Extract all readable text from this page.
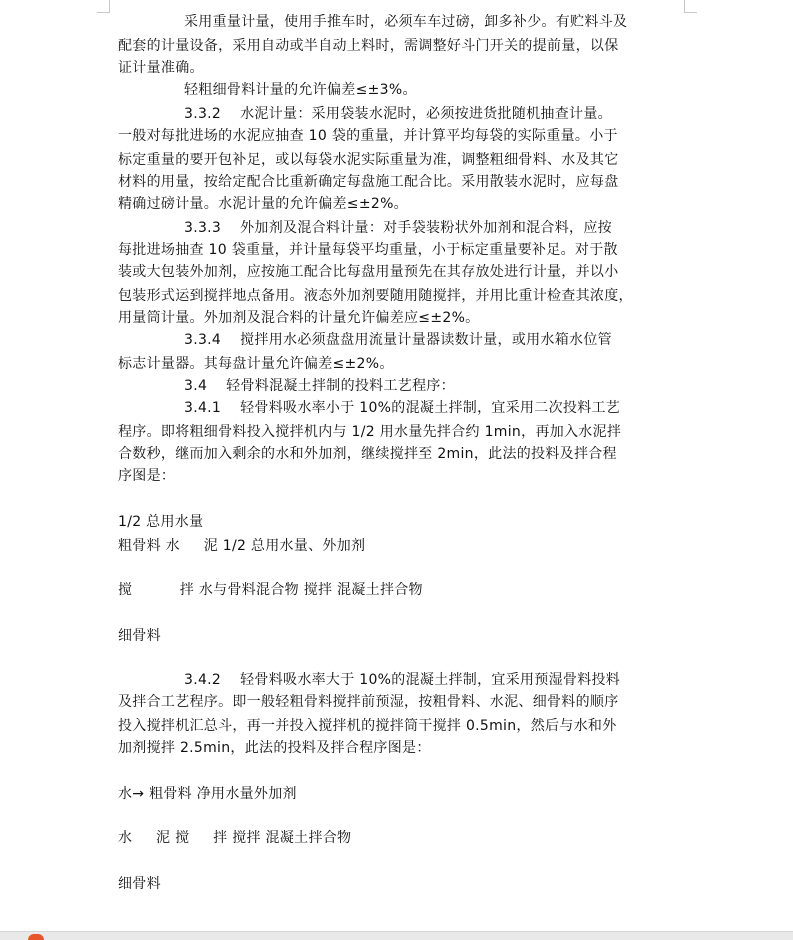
采用重量计量，使用手推车时，必须车车过磅，卸多补少。有贮料斗及
配套的计量设备，采用自动或半自动上料时，需调整好斗门开关的提前量，以保
证计量准确。
轻粗细骨料计量的允许偏差≤±3%。
3.3.2    水泥计量：采用袋装水泥时，必须按进货批随机抽查计量。
一般对每批进场的水泥应抽查 10 袋的重量，并计算平均每袋的实际重量。小于
标定重量的要开包补足，或以每袋水泥实际重量为准，调整粗细骨料、水及其它
材料的用量，按给定配合比重新确定每盘施工配合比。采用散装水泥时，应每盘
精确过磅计量。水泥计量的允许偏差≤±2%。
3.3.3    外加剂及混合料计量：对手袋装粉状外加剂和混合料，应按
每批进场抽查 10 袋重量，并计量每袋平均重量，小于标定重量要补足。对于散
装或大包装外加剂，应按施工配合比每盘用量预先在其存放处进行计量，并以小
包装形式运到搅拌地点备用。液态外加剂要随用随搅拌，并用比重计检查其浓度，
用量筒计量。外加剂及混合料的计量允许偏差应≤±2%。
3.3.4    搅拌用水必须盘盘用流量计量器读数计量，或用水箱水位管
标志计量器。其每盘计量允许偏差≤±2%。
3.4    轻骨料混凝土拌制的投料工艺程序：
3.4.1    轻骨料吸水率小于 10%的混凝土拌制，宜采用二次投料工艺
程序。即将粗细骨料投入搅拌机内与 1/2 用水量先拌合约 1min，再加入水泥拌
合数秒，继而加入剩余的水和外加剂，继续搅拌至 2min，此法的投料及拌合程
序图是：
1/2 总用水量
粗骨料 水     泥 1/2 总用水量、外加剂
搅          拌 水与骨料混合物 搅拌 混凝土拌合物
细骨料
3.4.2    轻骨料吸水率大于 10%的混凝土拌制，宜采用预湿骨料投料
及拌合工艺程序。即一般轻粗骨料搅拌前预湿，按粗骨料、水泥、细骨料的顺序
投入搅拌机汇总斗，再一并投入搅拌机的搅拌筒干搅拌 0.5min，然后与水和外
加剂搅拌 2.5min，此法的投料及拌合程序图是：
水→ 粗骨料 净用水量外加剂
水     泥 搅     拌 搅拌 混凝土拌合物
细骨料
